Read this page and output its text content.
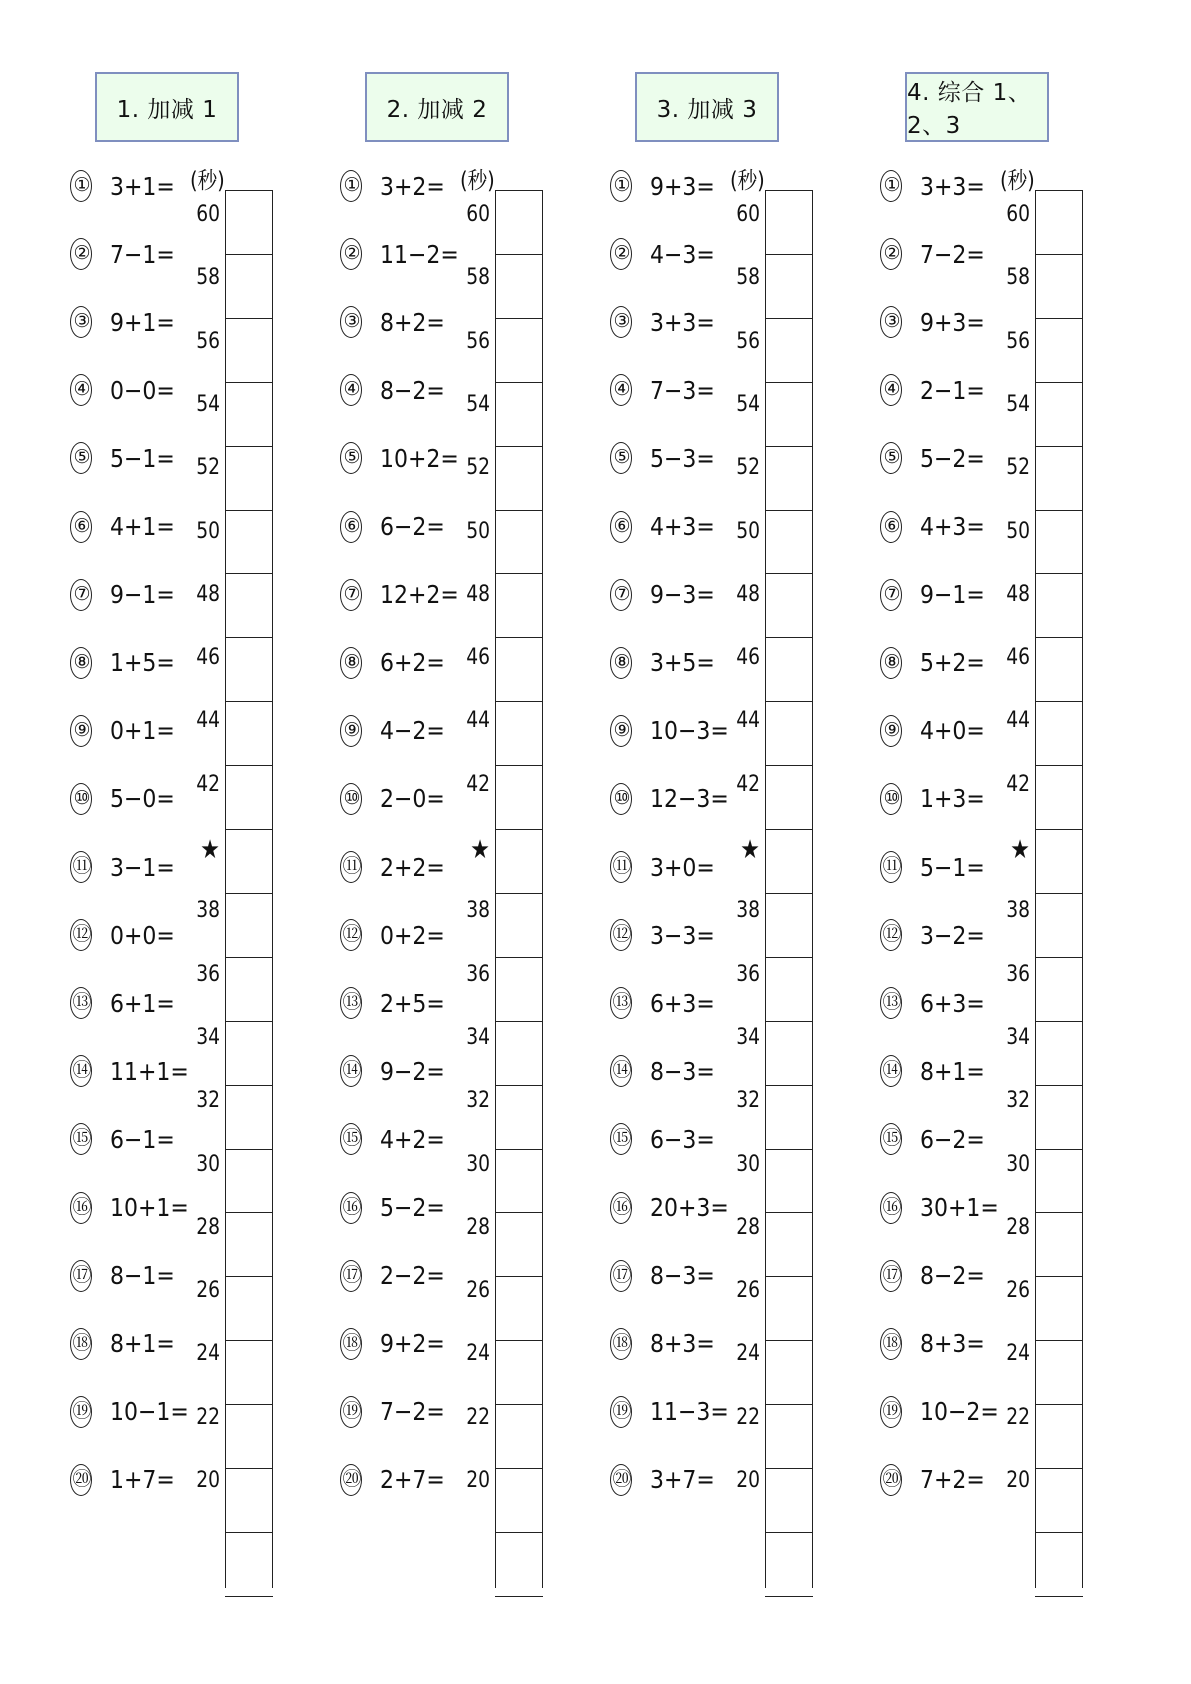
1. 加减 1
(秒)
① 3+1=
② 7−1=
③ 9+1=
④ 0−0=
⑤ 5−1=
⑥ 4+1=
⑦ 9−1=
⑧ 1+5=
⑨ 0+1=
⑩ 5−0=
⑪ 3−1=
⑫ 0+0=
⑬ 6+1=
⑭ 11+1=
⑮ 6−1=
⑯ 10+1=
⑰ 8−1=
⑱ 8+1=
⑲ 10−1=
⑳ 1+7=
60
58
56
54
52
50
48
46
44
42
★
38
36
34
32
30
28
26
24
22
20
2. 加减 2
(秒)
① 3+2=
② 11−2=
③ 8+2=
④ 8−2=
⑤ 10+2=
⑥ 6−2=
⑦ 12+2=
⑧ 6+2=
⑨ 4−2=
⑩ 2−0=
⑪ 2+2=
⑫ 0+2=
⑬ 2+5=
⑭ 9−2=
⑮ 4+2=
⑯ 5−2=
⑰ 2−2=
⑱ 9+2=
⑲ 7−2=
⑳ 2+7=
60
58
56
54
52
50
48
46
44
42
★
38
36
34
32
30
28
26
24
22
20
3. 加减 3
(秒)
① 9+3=
② 4−3=
③ 3+3=
④ 7−3=
⑤ 5−3=
⑥ 4+3=
⑦ 9−3=
⑧ 3+5=
⑨ 10−3=
⑩ 12−3=
⑪ 3+0=
⑫ 3−3=
⑬ 6+3=
⑭ 8−3=
⑮ 6−3=
⑯ 20+3=
⑰ 8−3=
⑱ 8+3=
⑲ 11−3=
⑳ 3+7=
60
58
56
54
52
50
48
46
44
42
★
38
36
34
32
30
28
26
24
22
20
4. 综合 1、2、3
(秒)
① 3+3=
② 7−2=
③ 9+3=
④ 2−1=
⑤ 5−2=
⑥ 4+3=
⑦ 9−1=
⑧ 5+2=
⑨ 4+0=
⑩ 1+3=
⑪ 5−1=
⑫ 3−2=
⑬ 6+3=
⑭ 8+1=
⑮ 6−2=
⑯ 30+1=
⑰ 8−2=
⑱ 8+3=
⑲ 10−2=
⑳ 7+2=
60
58
56
54
52
50
48
46
44
42
★
38
36
34
32
30
28
26
24
22
20
